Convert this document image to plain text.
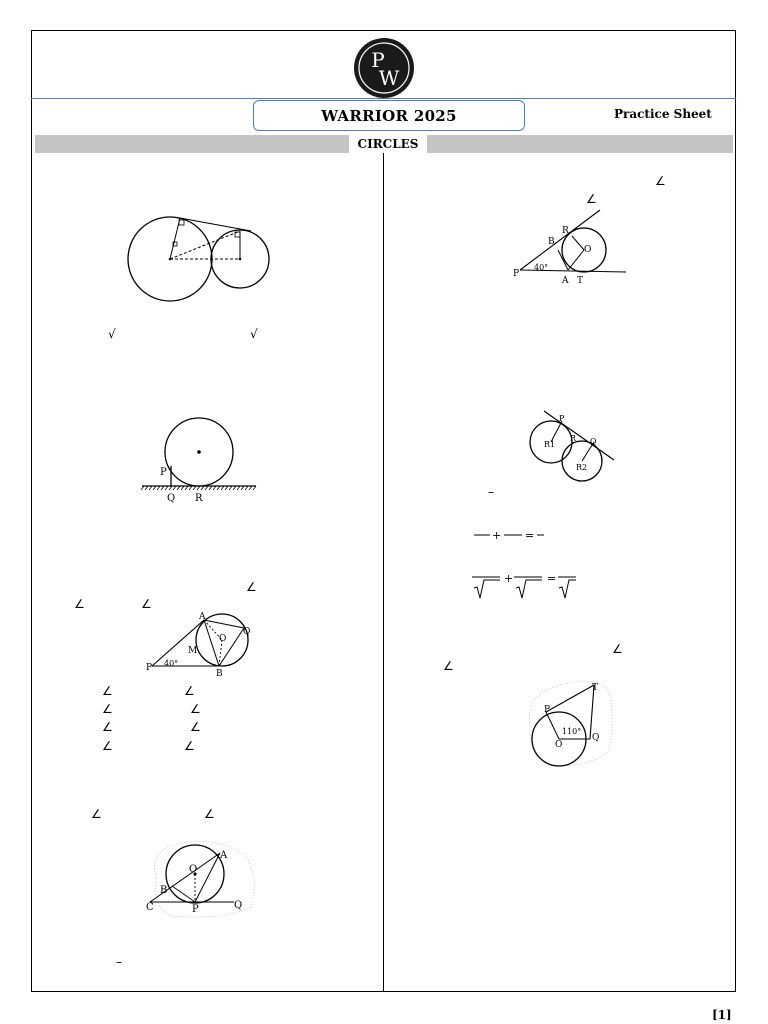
P
W
WARRIOR 2025	Practice Sheet
CIRCLES
√	√
P
Q R
∠
∠	∠
A
O
Q
M
P 40°
B
∠	∠
∠	∠
∠	∠
∠	∠
∠	∠
O
A
B
C	P	Q
–
∠
∠
R
B
O
P
40°
A T
P
R1
R Q
R2
–
+ =
+	=
∠
∠
T
P
110°
O
Q
[1]
